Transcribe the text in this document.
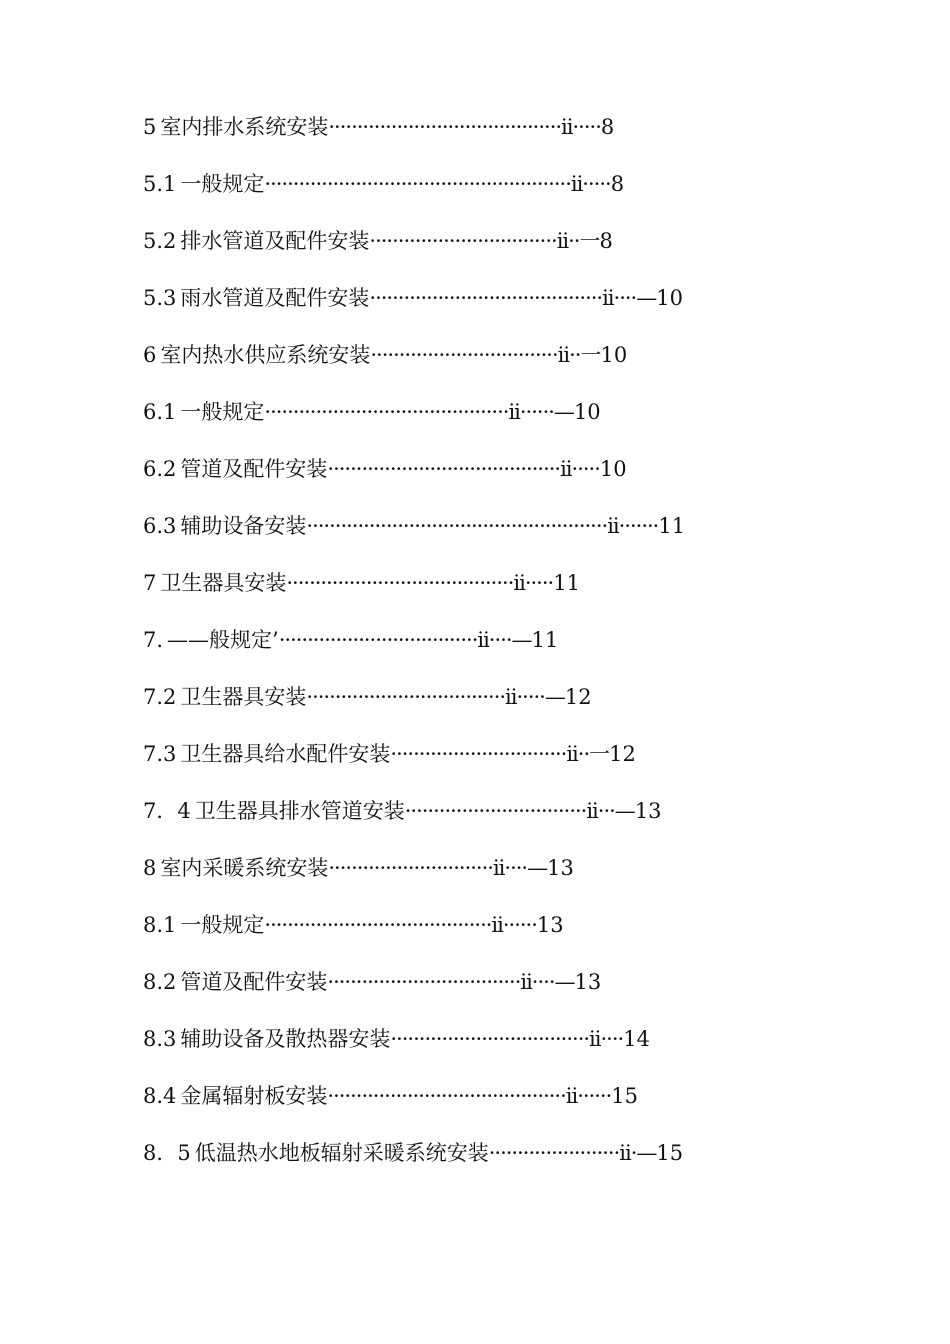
5 室内排水系统安装·········································ii·····8

5.1 一般规定······················································ii·····8

5.2 排水管道及配件安装·································ii··一8

5.3 雨水管道及配件安装·········································ii····—10

6 室内热水供应系统安装·································ii··一10

6.1 一般规定···········································ii······—10

6.2 管道及配件安装·········································ii·····10

6.3 辅助设备安装·····················································ii·······11

7 卫生器具安装········································ii·····11

7. ——般规定’···································ii····—11

7.2 卫生器具安装···································ii·····—12

7.3 卫生器具给水配件安装·······························ii··一12

7．4 卫生器具排水管道安装································ii···—13

8 室内采暖系统安装·····························ii····—13

8.1 一般规定········································ii······13

8.2 管道及配件安装··································ii····—13

8.3 辅助设备及散热器安装···································ii····14

8.4 金属辐射板安装··········································ii······15

8．5 低温热水地板辐射采暖系统安装·······················ii·—15
